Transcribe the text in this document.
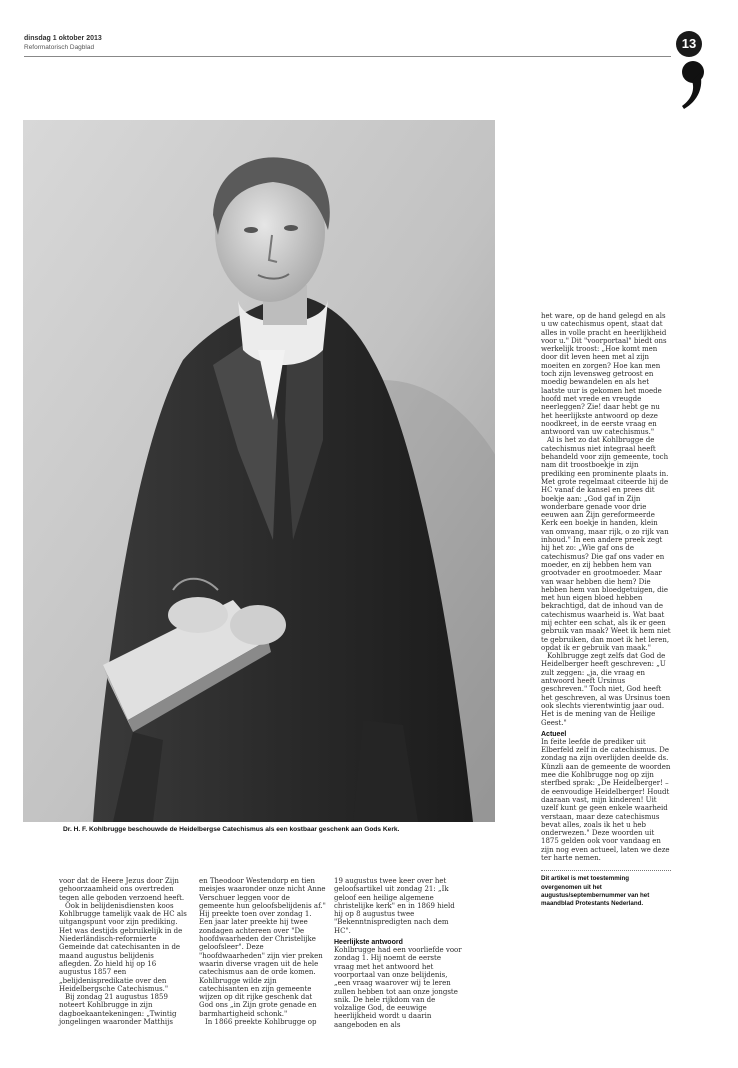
dinsdag 1 oktober 2013
Reformatorisch Dagblad	13
Dr. H. F. Kohlbrugge beschouwde de Heidelbergse Catechismus als een kostbaar geschenk aan Gods Kerk.

voor dat de Heere Jezus door Zijn gehoorzaamheid ons overtreden tegen alle geboden verzoend heeft.

Ook in belijdenisdiensten koos Kohlbrugge tamelijk vaak de HC als uitgangspunt voor zijn prediking. Het was destijds gebruikelijk in de Niederländisch-reformierte Gemeinde dat catechisanten in de maand augustus belijdenis aflegden. Zo hield hij op 16 augustus 1857 een „belijdenispredikatie over den Heidelbergsche Catechismus."

Bij zondag 21 augustus 1859 noteert Kohlbrugge in zijn dagboekaantekeningen: „Twintig jongelingen waaronder Matthijs

en Theodoor Westendorp en tien meisjes waaronder onze nicht Anne Verschuer leggen voor de gemeente hun geloofsbelijdenis af." Hij preekte toen over zondag 1. Een jaar later preekte hij twee zondagen achtereen over "De hoofdwaarheden der Christelijke geloofsleer". Deze "hoofdwaarheden" zijn vier preken waarin diverse vragen uit de hele catechismus aan de orde komen. Kohlbrugge wilde zijn catechisanten en zijn gemeente wijzen op dit rijke geschenk dat God ons „in Zijn grote genade en barmhartigheid schonk."

In 1866 preekte Kohlbrugge op

19 augustus twee keer over het geloofsartikel uit zondag 21: „Ik geloof een heilige algemene christelijke kerk" en in 1869 hield hij op 8 augustus twee "Bekenntnispredigten nach dem HC".

Heerlijkste antwoord

Kohlbrugge had een voorliefde voor zondag 1. Hij noemt de eerste vraag met het antwoord het voorportaal van onze belijdenis, „een vraag waarover wij te leren zullen hebben tot aan onze jongste snik. De hele rijkdom van de volzalige God, de eeuwige heerlijkheid wordt u daarin aangeboden en als

het ware, op de hand gelegd en als u uw catechismus opent, staat dat alles in volle pracht en heerlijkheid voor u." Dit "voorportaal" biedt ons werkelijk troost: „Hoe komt men door dit leven heen met al zijn moeiten en zorgen? Hoe kan men toch zijn levensweg getroost en moedig bewandelen en als het laatste uur is gekomen het moede hoofd met vrede en vreugde neerleggen? Zie! daar hebt ge nu het heerlijkste antwoord op deze noodkreet, in de eerste vraag en antwoord van uw catechismus."

Al is het zo dat Kohlbrugge de catechismus niet integraal heeft behandeld voor zijn gemeente, toch nam dit troostboekje in zijn prediking een prominente plaats in. Met grote regelmaat citeerde hij de HC vanaf de kansel en prees dit boekje aan: „God gaf in Zijn wonderbare genade voor drie eeuwen aan Zijn gereformeerde Kerk een boekje in handen, klein van omvang, maar rijk, o zo rijk van inhoud." In een andere preek zegt hij het zo: „Wie gaf ons de catechismus? Die gaf ons vader en moeder, en zij hebben hem van grootvader en grootmoeder. Maar van waar hebben die hem? Die hebben hem van bloedgetuigen, die met hun eigen bloed hebben bekrachtigd, dat de inhoud van de catechismus waarheid is. Wat baat mij echter een schat, als ik er geen gebruik van maak? Weet ik hem niet te gebruiken, dan moet ik het leren, opdat ik er gebruik van maak."

Kohlbrugge zegt zelfs dat God de Heidelberger heeft geschreven: „U zult zeggen: „ja, die vraag en antwoord heeft Ursinus geschreven." Toch niet, God heeft het geschreven, al was Ursinus toen ook slechts vierentwintig jaar oud. Het is de mening van de Heilige Geest."

Actueel

In feite leefde de prediker uit Elberfeld zelf in de catechismus. De zondag na zijn overlijden deelde ds. Künzli aan de gemeente de woorden mee die Kohlbrugge nog op zijn sterfbed sprak: „De Heidelberger! – de eenvoudige Heidelberger! Houdt daaraan vast, mijn kinderen! Uit uzelf kunt ge geen enkele waarheid verstaan, maar deze catechismus bevat alles, zoals ik het u heb onderwezen." Deze woorden uit 1875 gelden ook voor vandaag en zijn nog even actueel, laten we deze ter harte nemen.

Dit artikel is met toestemming overgenomen uit het augustus/septembernummer van het maandblad Protestants Nederland.
